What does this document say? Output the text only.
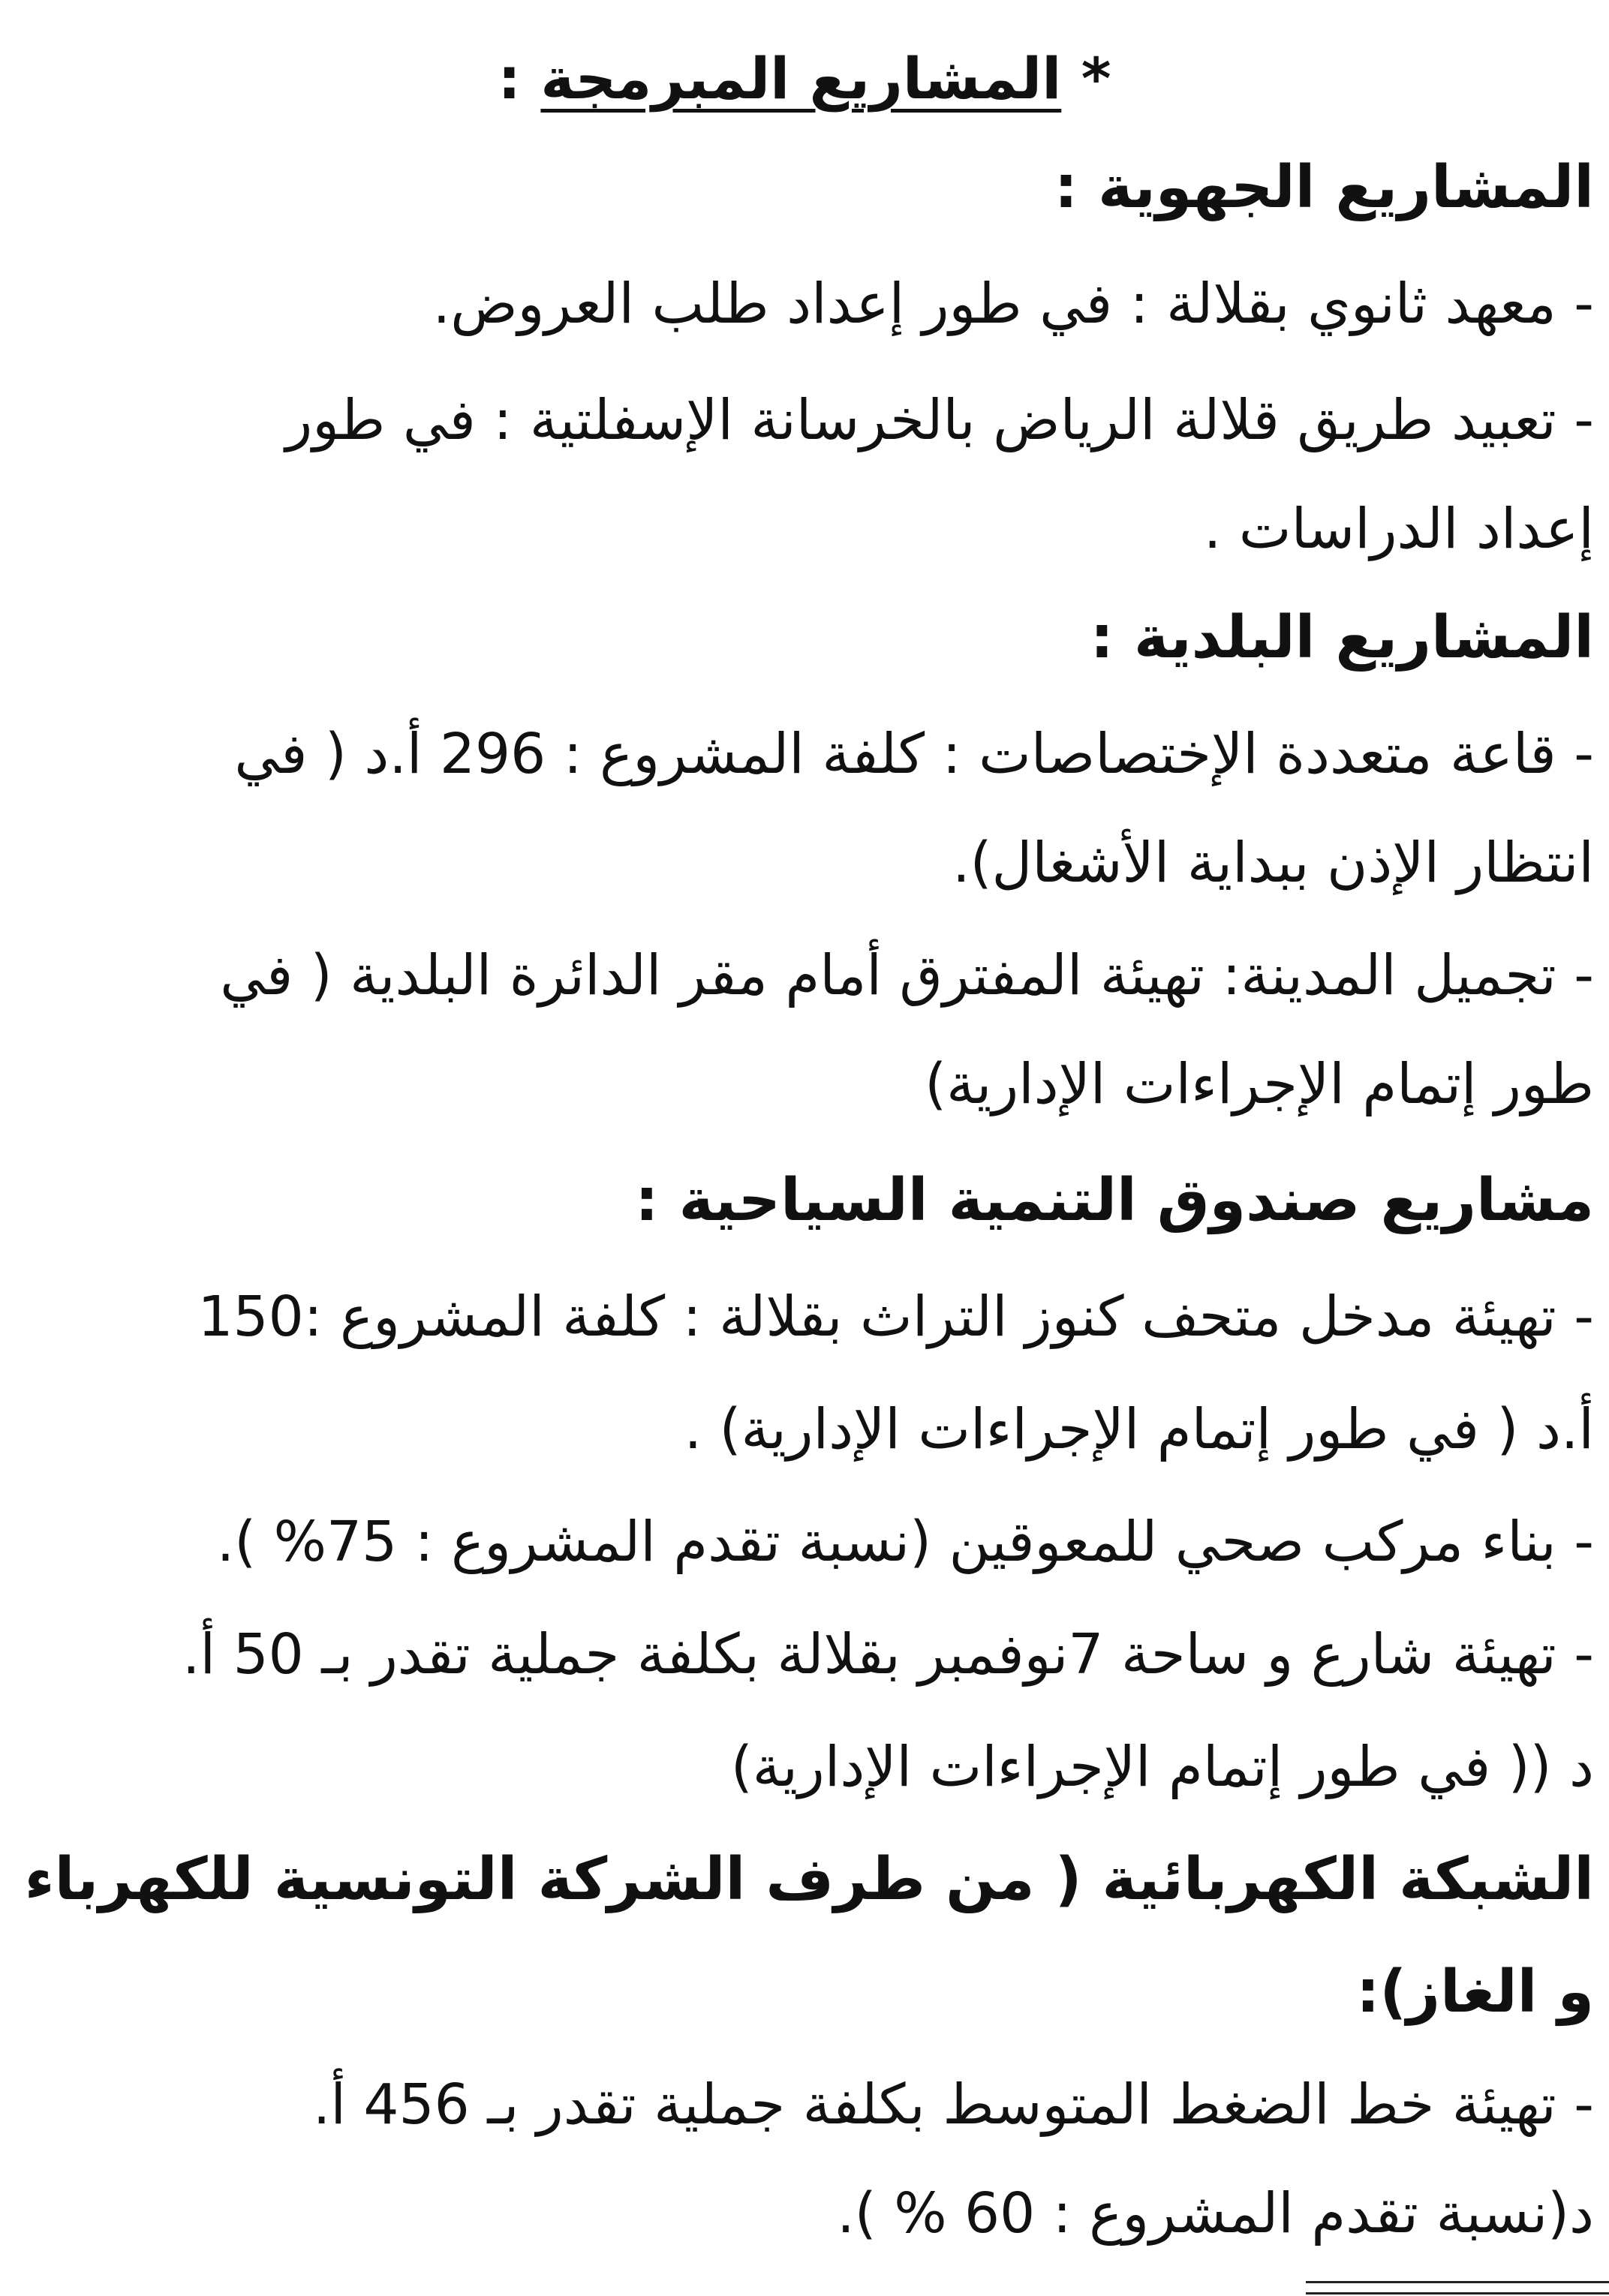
* المشاريع المبرمجة :
المشاريع الجهوية :
- معهد ثانوي بقلالة : في طور إعداد طلب العروض.
- تعبيد طريق قلالة الرياض بالخرسانة الإسفلتية : في طور
إعداد الدراسات .
المشاريع البلدية :
- قاعة متعددة الإختصاصات : كلفة المشروع : 296 أ.د ( في
انتظار الإذن ببداية الأشغال).
- تجميل المدينة: تهيئة المفترق أمام مقر الدائرة البلدية ( في
طور إتمام الإجراءات الإدارية)
مشاريع صندوق التنمية السياحية :
- تهيئة مدخل متحف كنوز التراث بقلالة : كلفة المشروع :150
أ.د ( في طور إتمام الإجراءات الإدارية) .
- بناء مركب صحي للمعوقين (نسبة تقدم المشروع : 75% ).
- تهيئة شارع و ساحة 7نوفمبر بقلالة بكلفة جملية تقدر بـ 50 أ.
د (( في طور إتمام الإجراءات الإدارية)
الشبكة الكهربائية ( من طرف الشركة التونسية للكهرباء
و الغاز):
- تهيئة خط الضغط المتوسط بكلفة جملية تقدر بـ 456 أ.
د(نسبة تقدم المشروع : 60 % ).
